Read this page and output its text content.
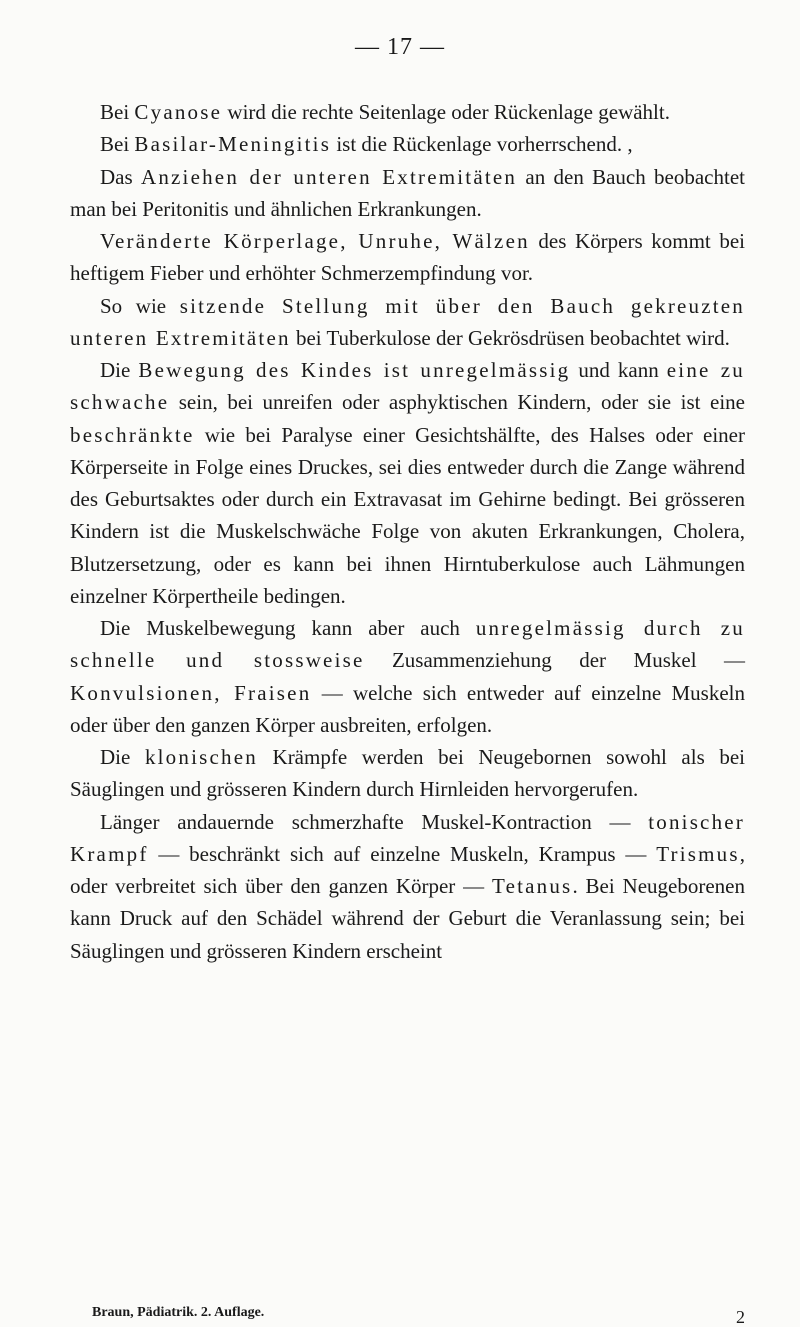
— 17 —

Bei Cyanose wird die rechte Seitenlage oder Rückenlage gewählt.

Bei Basilar-Meningitis ist die Rückenlage vorherrschend. ,

Das Anziehen der unteren Extremitäten an den Bauch beobachtet man bei Peritonitis und ähnlichen Erkrankungen.

Veränderte Körperlage, Unruhe, Wälzen des Körpers kommt bei heftigem Fieber und erhöhter Schmerzempfindung vor.

So wie sitzende Stellung mit über den Bauch gekreuzten unteren Extremitäten bei Tuberkulose der Gekrösdrüsen beobachtet wird.

Die Bewegung des Kindes ist unregelmässig und kann eine zu schwache sein, bei unreifen oder asphyktischen Kindern, oder sie ist eine beschränkte wie bei Paralyse einer Gesichtshälfte, des Halses oder einer Körperseite in Folge eines Druckes, sei dies entweder durch die Zange während des Geburtsaktes oder durch ein Extravasat im Gehirne bedingt. Bei grösseren Kindern ist die Muskelschwäche Folge von akuten Erkrankungen, Cholera, Blutzersetzung, oder es kann bei ihnen Hirntuberkulose auch Lähmungen einzelner Körpertheile bedingen.

Die Muskelbewegung kann aber auch unregelmässig durch zu schnelle und stossweise Zusammenziehung der Muskel — Konvulsionen, Fraisen — welche sich entweder auf einzelne Muskeln oder über den ganzen Körper ausbreiten, erfolgen.

Die klonischen Krämpfe werden bei Neugebornen sowohl als bei Säuglingen und grösseren Kindern durch Hirnleiden hervorgerufen.

Länger andauernde schmerzhafte Muskel-Kontraction — tonischer Krampf — beschränkt sich auf einzelne Muskeln, Krampus — Trismus, oder verbreitet sich über den ganzen Körper — Tetanus. Bei Neugeborenen kann Druck auf den Schädel während der Geburt die Veranlassung sein; bei Säuglingen und grösseren Kindern erscheint

Braun, Pädiatrik. 2. Auflage.	2
